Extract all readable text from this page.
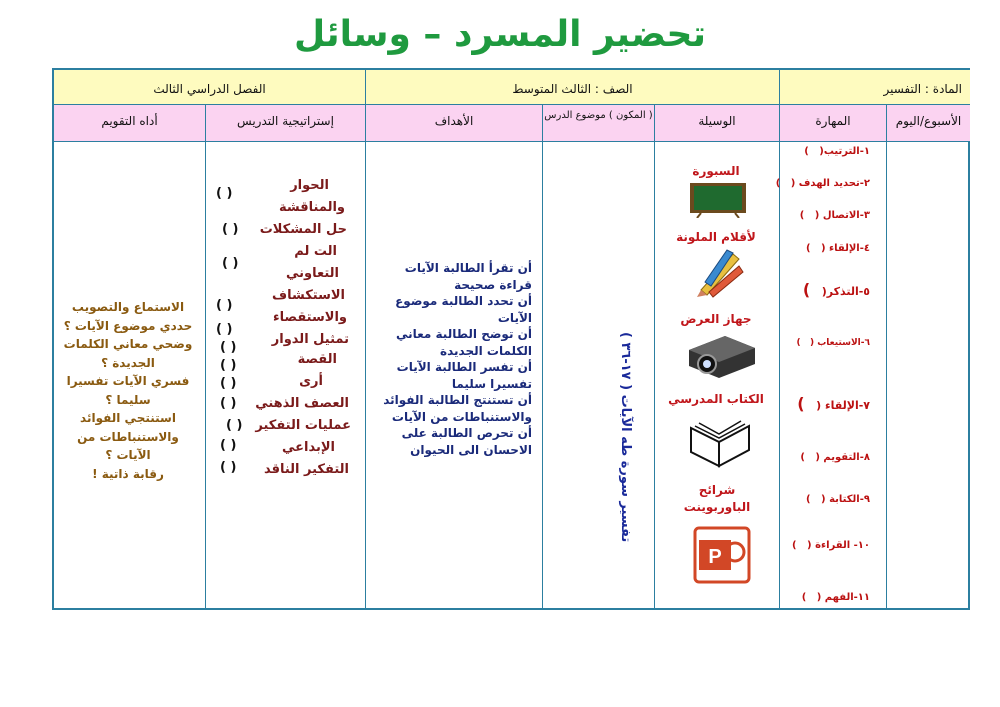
تحضير المسرد – وسائل
المادة : التفسير
الصف : الثالث المتوسط
الفصل الدراسي الثالث
الأسبوع/اليوم
المهارة
الوسيلة
( المكون ) موضوع الدرس
الأهداف
إستراتيجية التدريس
أداه التقويم
١-الترتيب(   )
٢-تحديد الهدف (   )
٣-الاتصال (   )
٤-الإلقاء (   )
٥-التذكر(   )
٦-الاستيعاب (   )
٧-الإلقاء (   )
٨-التقويم (   )
٩-الكتابة (   )
١٠- القراءة (   )
١١-الفهم (   )
السبورة
لأقلام الملونة
جهاز العرض
الكتاب المدرسي
شرائح الباوربوينت
P
تفسير سورة طه الآيات ( ١٧-٣٦ )
أن تقرأ الطالبة الآيات قراءة صحيحة
أن تحدد الطالبة موضوع الآيات
أن توضح الطالبة معاني الكلمات الجديدة
أن تفسر الطالبة الآيات تفسيرا سليما
أن تستنتج الطالبة الفوائد والاستنباطات من الآيات
أن تحرص الطالبة على الاحسان الى الحيوان
الحوار
والمناقشة
حل المشكلات
الت لم
التعاوني
الاستكشاف
والاستقصاء
تمثيل الدوار
القصة
أرى
العصف الذهني
عمليات التفكير
الإبداعي
التفكير الناقد
( )
( )
( )
( )
( )
( )
( )
( )
( )
( )
( )
( )
الاستماع والتصويب
حددي موضوع الآيات ؟
وضحي معاني الكلمات الجديدة ؟
فسري الآيات تفسيرا سليما ؟
استنتجي الفوائد والاستنباطات من الآيات ؟
رقابة ذاتية !
